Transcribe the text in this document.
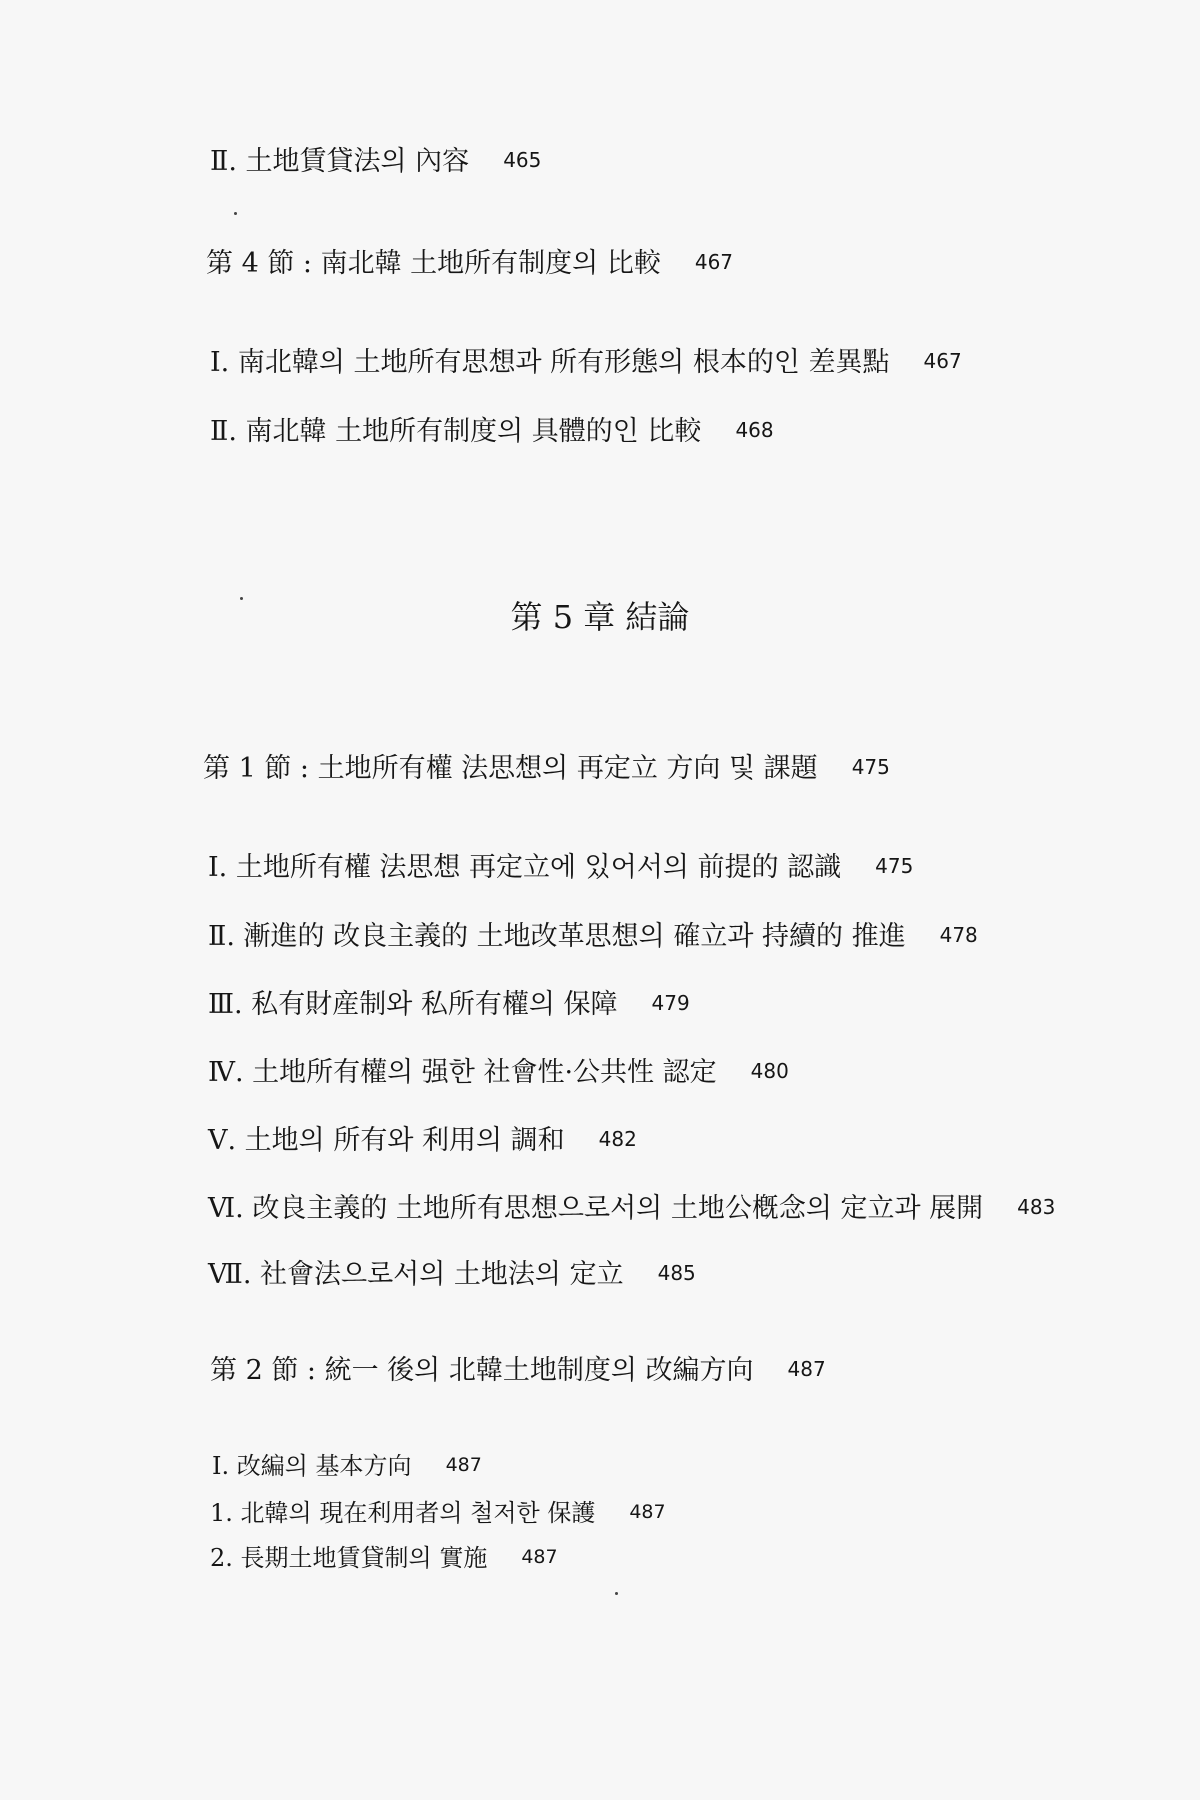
Ⅱ. 土地賃貸法의 內容 465
第 4 節 : 南北韓 土地所有制度의 比較 467
Ⅰ. 南北韓의 土地所有思想과 所有形態의 根本的인 差異點 467
Ⅱ. 南北韓 土地所有制度의 具體的인 比較 468
第 5 章 結論
第 1 節 : 土地所有權 法思想의 再定立 方向 및 課題 475
Ⅰ. 土地所有權 法思想 再定立에 있어서의 前提的 認識 475
Ⅱ. 漸進的 改良主義的 土地改革思想의 確立과 持續的 推進 478
Ⅲ. 私有財産制와 私所有權의 保障 479
Ⅳ. 土地所有權의 强한 社會性·公共性 認定 480
Ⅴ. 土地의 所有와 利用의 調和 482
Ⅵ. 改良主義的 土地所有思想으로서의 土地公槪念의 定立과 展開 483
Ⅶ. 社會法으로서의 土地法의 定立 485
第 2 節 : 統一 後의 北韓土地制度의 改編方向 487
Ⅰ. 改編의 基本方向 487
1. 北韓의 現在利用者의 철저한 保護 487
2. 長期土地賃貸制의 實施 487
